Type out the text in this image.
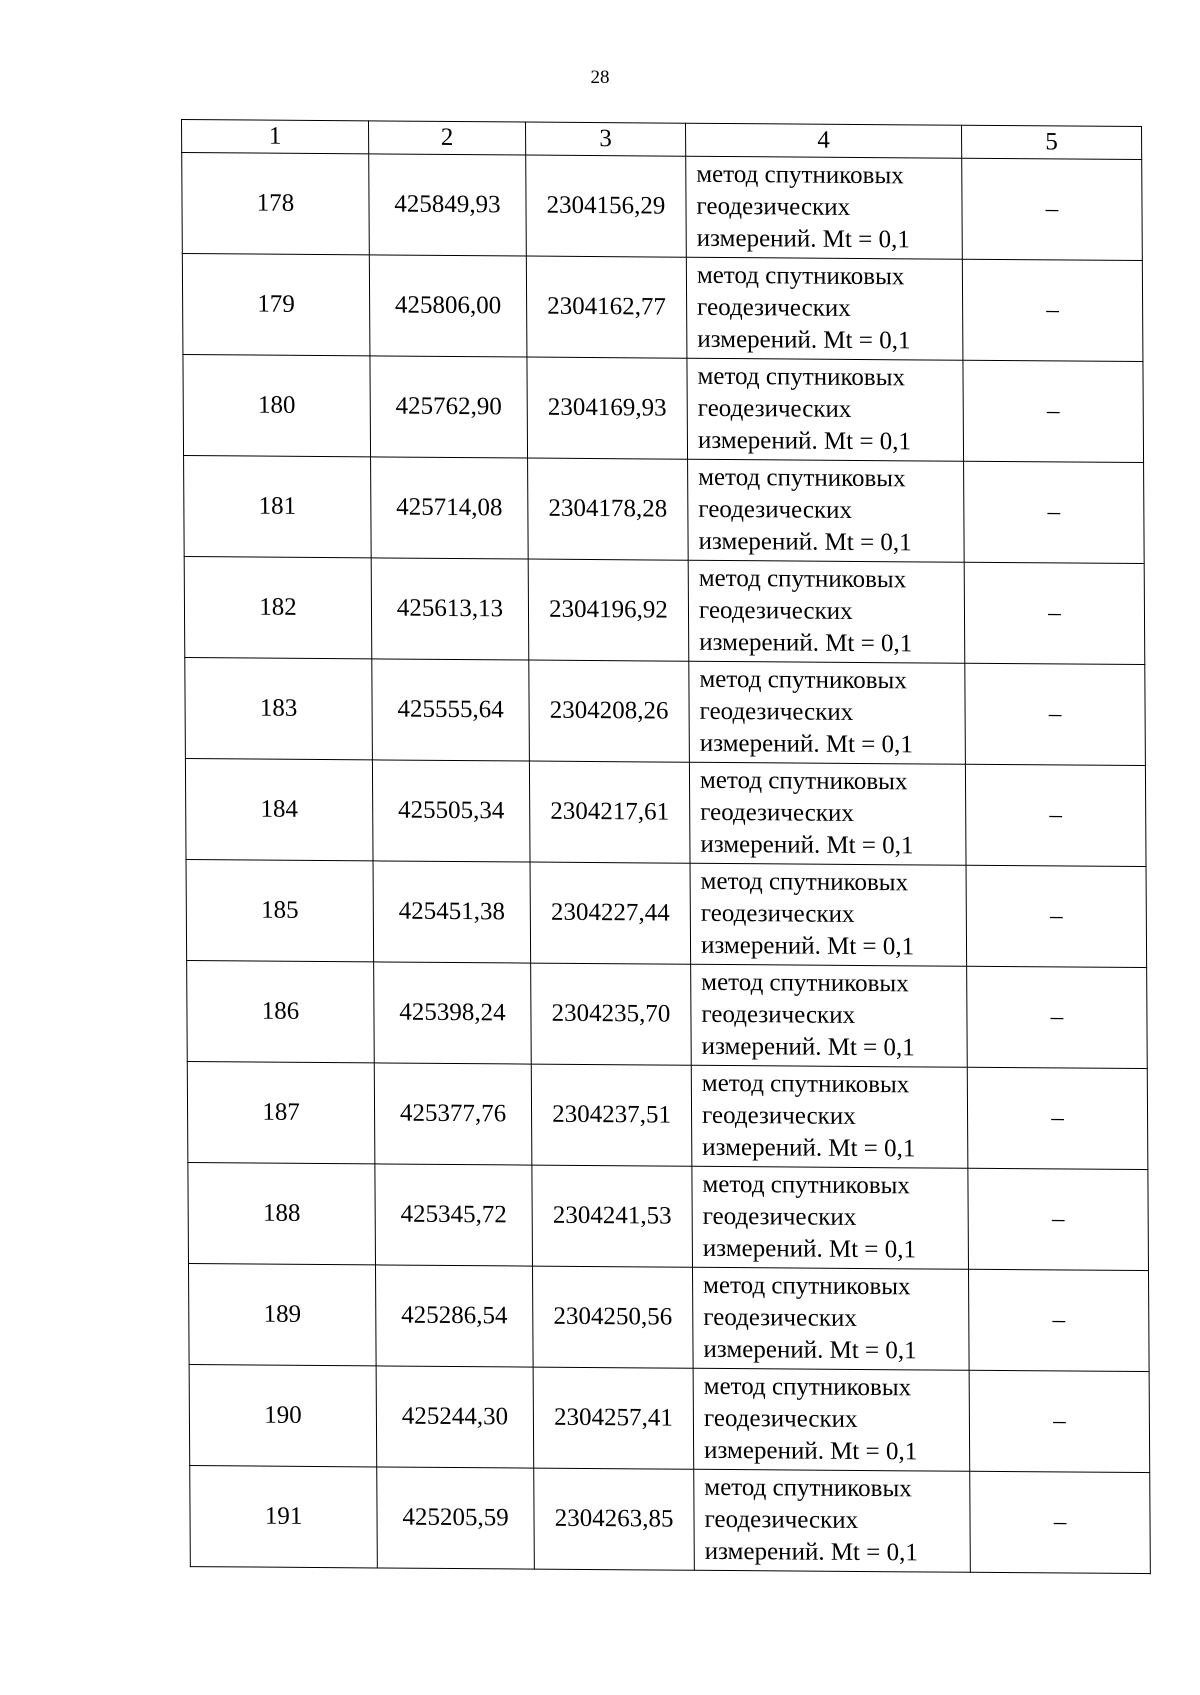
28
1	2	3	4	5
178	425849,93	2304156,29	метод спутниковых
геодезических
измерений. Mt = 0,1	–
179	425806,00	2304162,77	метод спутниковых
геодезических
измерений. Mt = 0,1	–
180	425762,90	2304169,93	метод спутниковых
геодезических
измерений. Mt = 0,1	–
181	425714,08	2304178,28	метод спутниковых
геодезических
измерений. Mt = 0,1	–
182	425613,13	2304196,92	метод спутниковых
геодезических
измерений. Mt = 0,1	–
183	425555,64	2304208,26	метод спутниковых
геодезических
измерений. Mt = 0,1	–
184	425505,34	2304217,61	метод спутниковых
геодезических
измерений. Mt = 0,1	–
185	425451,38	2304227,44	метод спутниковых
геодезических
измерений. Mt = 0,1	–
186	425398,24	2304235,70	метод спутниковых
геодезических
измерений. Mt = 0,1	–
187	425377,76	2304237,51	метод спутниковых
геодезических
измерений. Mt = 0,1	–
188	425345,72	2304241,53	метод спутниковых
геодезических
измерений. Mt = 0,1	–
189	425286,54	2304250,56	метод спутниковых
геодезических
измерений. Mt = 0,1	–
190	425244,30	2304257,41	метод спутниковых
геодезических
измерений. Mt = 0,1	–
191	425205,59	2304263,85	метод спутниковых
геодезических
измерений. Mt = 0,1	–
